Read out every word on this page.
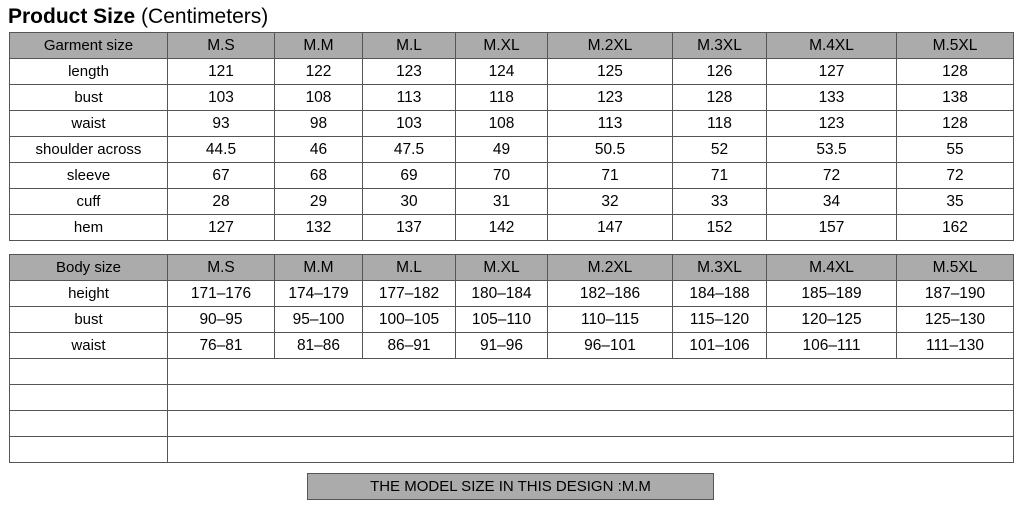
Product Size (Centimeters)
Garment size	M.S	M.M	M.L	M.XL	M.2XL	M.3XL	M.4XL	M.5XL
length	121	122	123	124	125	126	127	128
bust	103	108	113	118	123	128	133	138
waist	93	98	103	108	113	118	123	128
shoulder across	44.5	46	47.5	49	50.5	52	53.5	55
sleeve	67	68	69	70	71	71	72	72
cuff	28	29	30	31	32	33	34	35
hem	127	132	137	142	147	152	157	162
Body size	M.S	M.M	M.L	M.XL	M.2XL	M.3XL	M.4XL	M.5XL
height	171–176	174–179	177–182	180–184	182–186	184–188	185–189	187–190
bust	90–95	95–100	100–105	105–110	110–115	115–120	120–125	125–130
waist	76–81	81–86	86–91	91–96	96–101	101–106	106–111	111–130

THE MODEL SIZE IN THIS DESIGN :M.M
